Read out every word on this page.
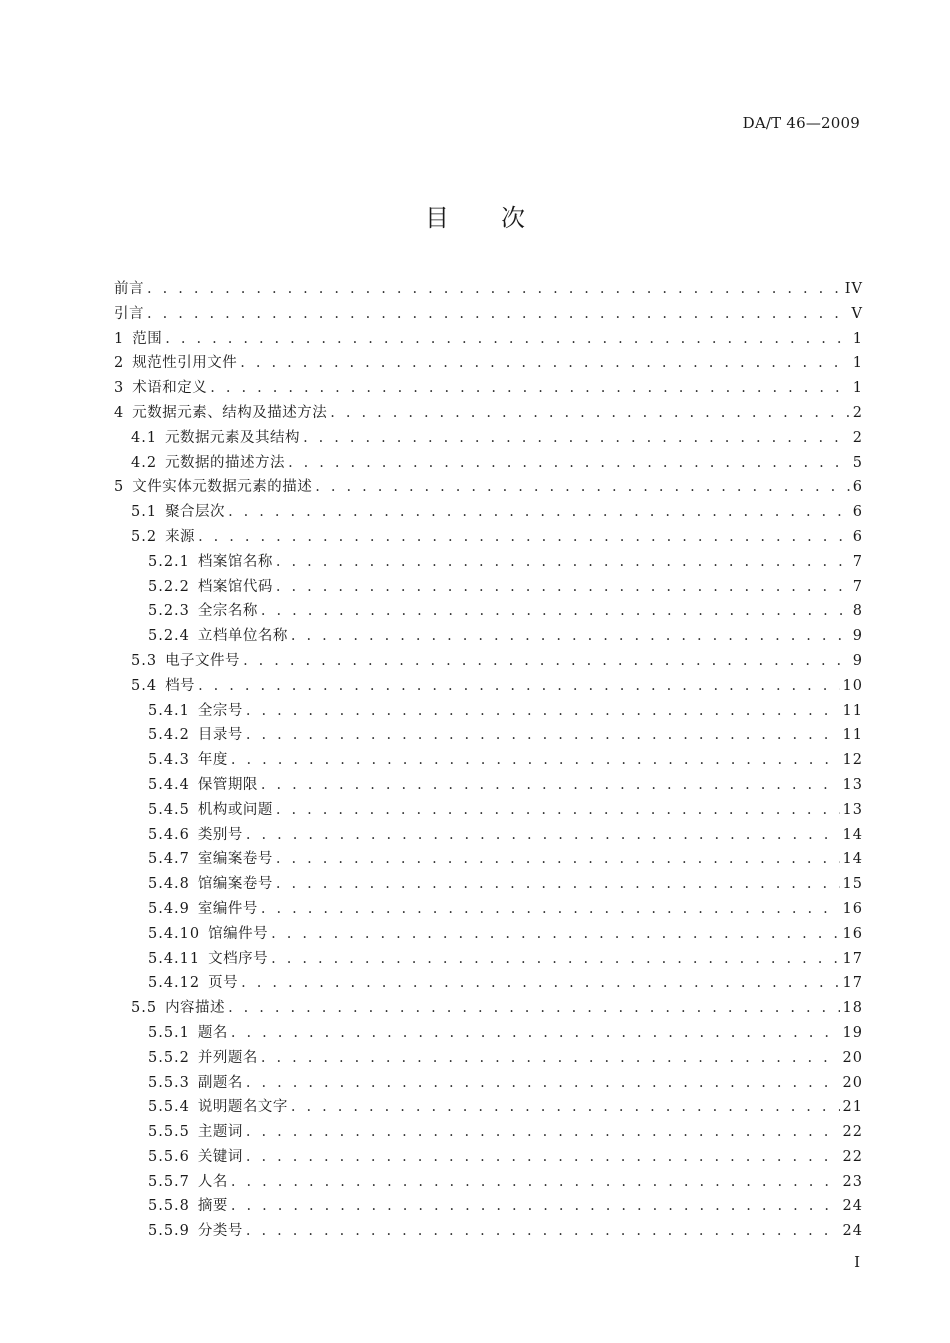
DA/T 46—2009
目次
前言 . . .	IV
引言 . . .	V
1 范围 . . .	1
2 规范性引用文件 . . .	1
3 术语和定义 . . .	1
4 元数据元素、结构及描述方法 . . .	2
4.1 元数据元素及其结构 . . .	2
4.2 元数据的描述方法 . . .	5
5 文件实体元数据元素的描述 . . .	6
5.1 聚合层次 . . .	6
5.2 来源 . . .	6
5.2.1 档案馆名称 . . .	7
5.2.2 档案馆代码 . . .	7
5.2.3 全宗名称 . . .	8
5.2.4 立档单位名称 . . .	9
5.3 电子文件号 . . .	9
5.4 档号 . . .	10
5.4.1 全宗号 . . .	11
5.4.2 目录号 . . .	11
5.4.3 年度 . . .	12
5.4.4 保管期限 . . .	13
5.4.5 机构或问题 . . .	13
5.4.6 类别号 . . .	14
5.4.7 室编案卷号 . . .	14
5.4.8 馆编案卷号 . . .	15
5.4.9 室编件号 . . .	16
5.4.10 馆编件号 . . .	16
5.4.11 文档序号 . . .	17
5.4.12 页号 . . .	17
5.5 内容描述 . . .	18
5.5.1 题名 . . .	19
5.5.2 并列题名 . . .	20
5.5.3 副题名 . . .	20
5.5.4 说明题名文字 . . .	21
5.5.5 主题词 . . .	22
5.5.6 关键词 . . .	22
5.5.7 人名 . . .	23
5.5.8 摘要 . . .	24
5.5.9 分类号 . . .	24
I
